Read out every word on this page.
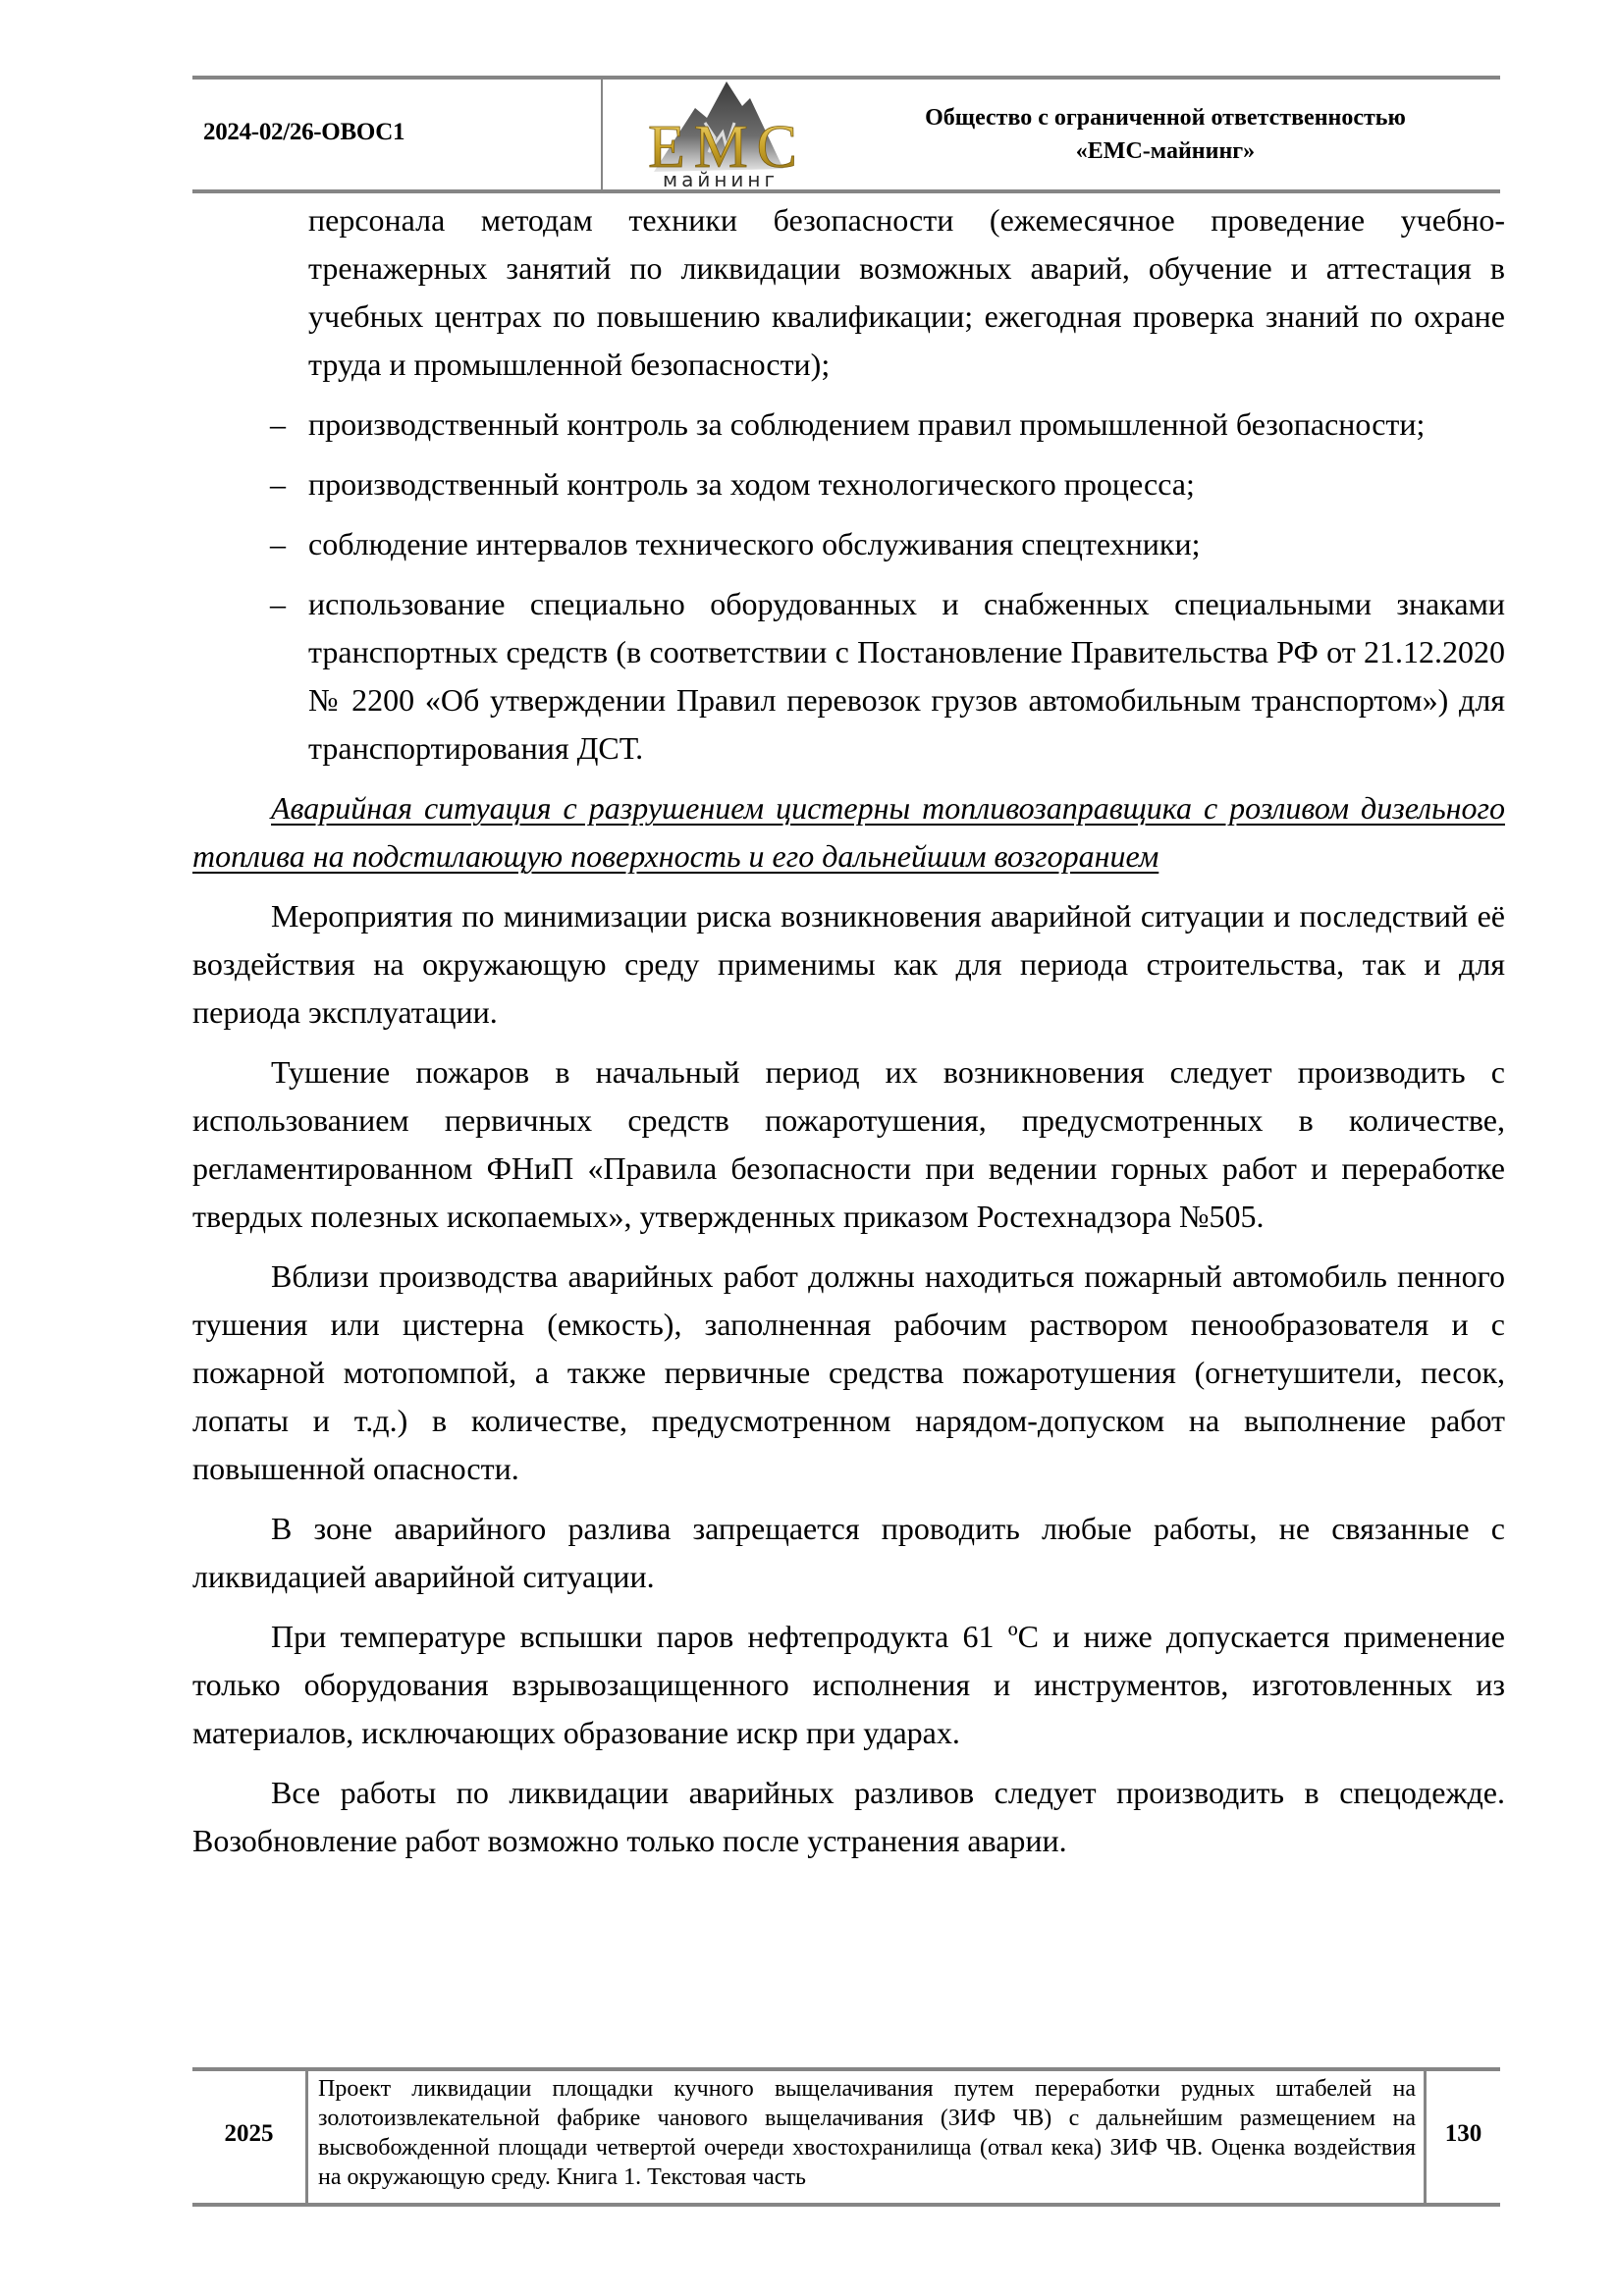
2024-02/26-ОВОС1	EMC
майнинг
Общество с ограниченной ответственностью
«ЕМС-майнинг»

персонала методам техники безопасности (ежемесячное проведение учебно-тренажерных занятий по ликвидации возможных аварий, обучение и аттестация в учебных центрах по повышению квалификации; ежегодная проверка знаний по охране труда и промышленной безопасности);

– производственный контроль за соблюдением правил промышленной безопасности;
– производственный контроль за ходом технологического процесса;
– соблюдение интервалов технического обслуживания спецтехники;
– использование специально оборудованных и снабженных специальными знаками транспортных средств (в соответствии с Постановление Правительства РФ от 21.12.2020 № 2200 «Об утверждении Правил перевозок грузов автомобильным транспортом») для транспортирования ДСТ.

Аварийная ситуация с разрушением цистерны топливозаправщика с розливом дизельного топлива на подстилающую поверхность и его дальнейшим возгоранием

Мероприятия по минимизации риска возникновения аварийной ситуации и последствий её воздействия на окружающую среду применимы как для периода строительства, так и для периода эксплуатации.

Тушение пожаров в начальный период их возникновения следует производить с использованием первичных средств пожаротушения, предусмотренных в количестве, регламентированном ФНиП «Правила безопасности при ведении горных работ и переработке твердых полезных ископаемых», утвержденных приказом Ростехнадзора №505.

Вблизи производства аварийных работ должны находиться пожарный автомобиль пенного тушения или цистерна (емкость), заполненная рабочим раствором пенообразователя и с пожарной мотопомпой, а также первичные средства пожаротушения (огнетушители, песок, лопаты и т.д.) в количестве, предусмотренном нарядом-допуском на выполнение работ повышенной опасности.

В зоне аварийного разлива запрещается проводить любые работы, не связанные с ликвидацией аварийной ситуации.

При температуре вспышки паров нефтепродукта 61 ºС и ниже допускается применение только оборудования взрывозащищенного исполнения и инструментов, изготовленных из материалов, исключающих образование искр при ударах.

Все работы по ликвидации аварийных разливов следует производить в спецодежде. Возобновление работ возможно только после устранения аварии.

2025
Проект ликвидации площадки кучного выщелачивания путем переработки рудных штабелей на золотоизвлекательной фабрике чанового выщелачивания (ЗИФ ЧВ) с дальнейшим размещением на высвобожденной площади четвертой очереди хвостохранилища (отвал кека) ЗИФ ЧВ. Оценка воздействия на окружающую среду. Книга 1. Текстовая часть
130
